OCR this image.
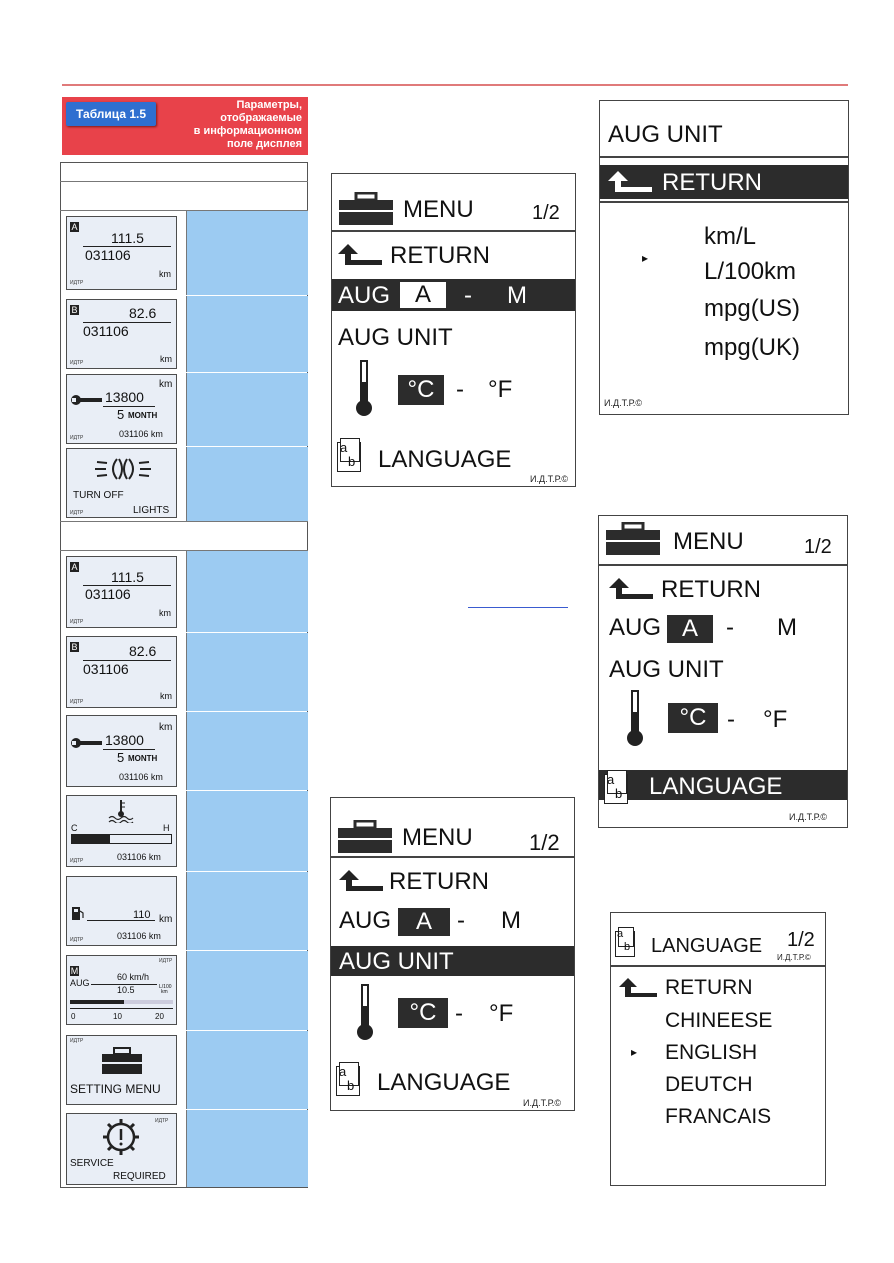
Таблица 1.5
Параметры,
отображаемые
в информационном
поле дисплея
A
111.5
031106
km
ИДТР
B	82.6
031106
km
ИДТР
km
13800
5 MONTH
031106 km
ИДТР
TURN OFF
LIGHTS
ИДТР
A
111.5
031106
km
ИДТР
B	82.6
031106
km
ИДТР
km
13800
5 MONTH
031106 km
C	H
031106 km
ИДТР
110 km
031106 km
ИДТР
M
ИДТР
AUG
60 km/h
10.5	L/100
km
0	10	20
ИДТР
SETTING MENU
ИДТР
SERVICE
REQUIRED
MENU	1/2
RETURN
AUG	A	- M
AUG UNIT
°C - °F
a
b LANGUAGE
И.Д.Т.Р.©
AUG UNIT
RETURN
km/L
▸ L/100km
mpg(US)
mpg(UK)
И.Д.Т.Р.©
MENU	1/2
RETURN
AUG A	- M
AUG UNIT
°C - °F
a
b LANGUAGE
И.Д.Т.Р.©
MENU	1/2
RETURN
AUG	A	- M
AUG UNIT
°C - °F
a
b LANGUAGE
И.Д.Т.Р.©
a
b LANGUAGE 1/2
И.Д.Т.Р.©
RETURN
CHINEESE
▸ ENGLISH
DEUTCH
FRANCAIS
